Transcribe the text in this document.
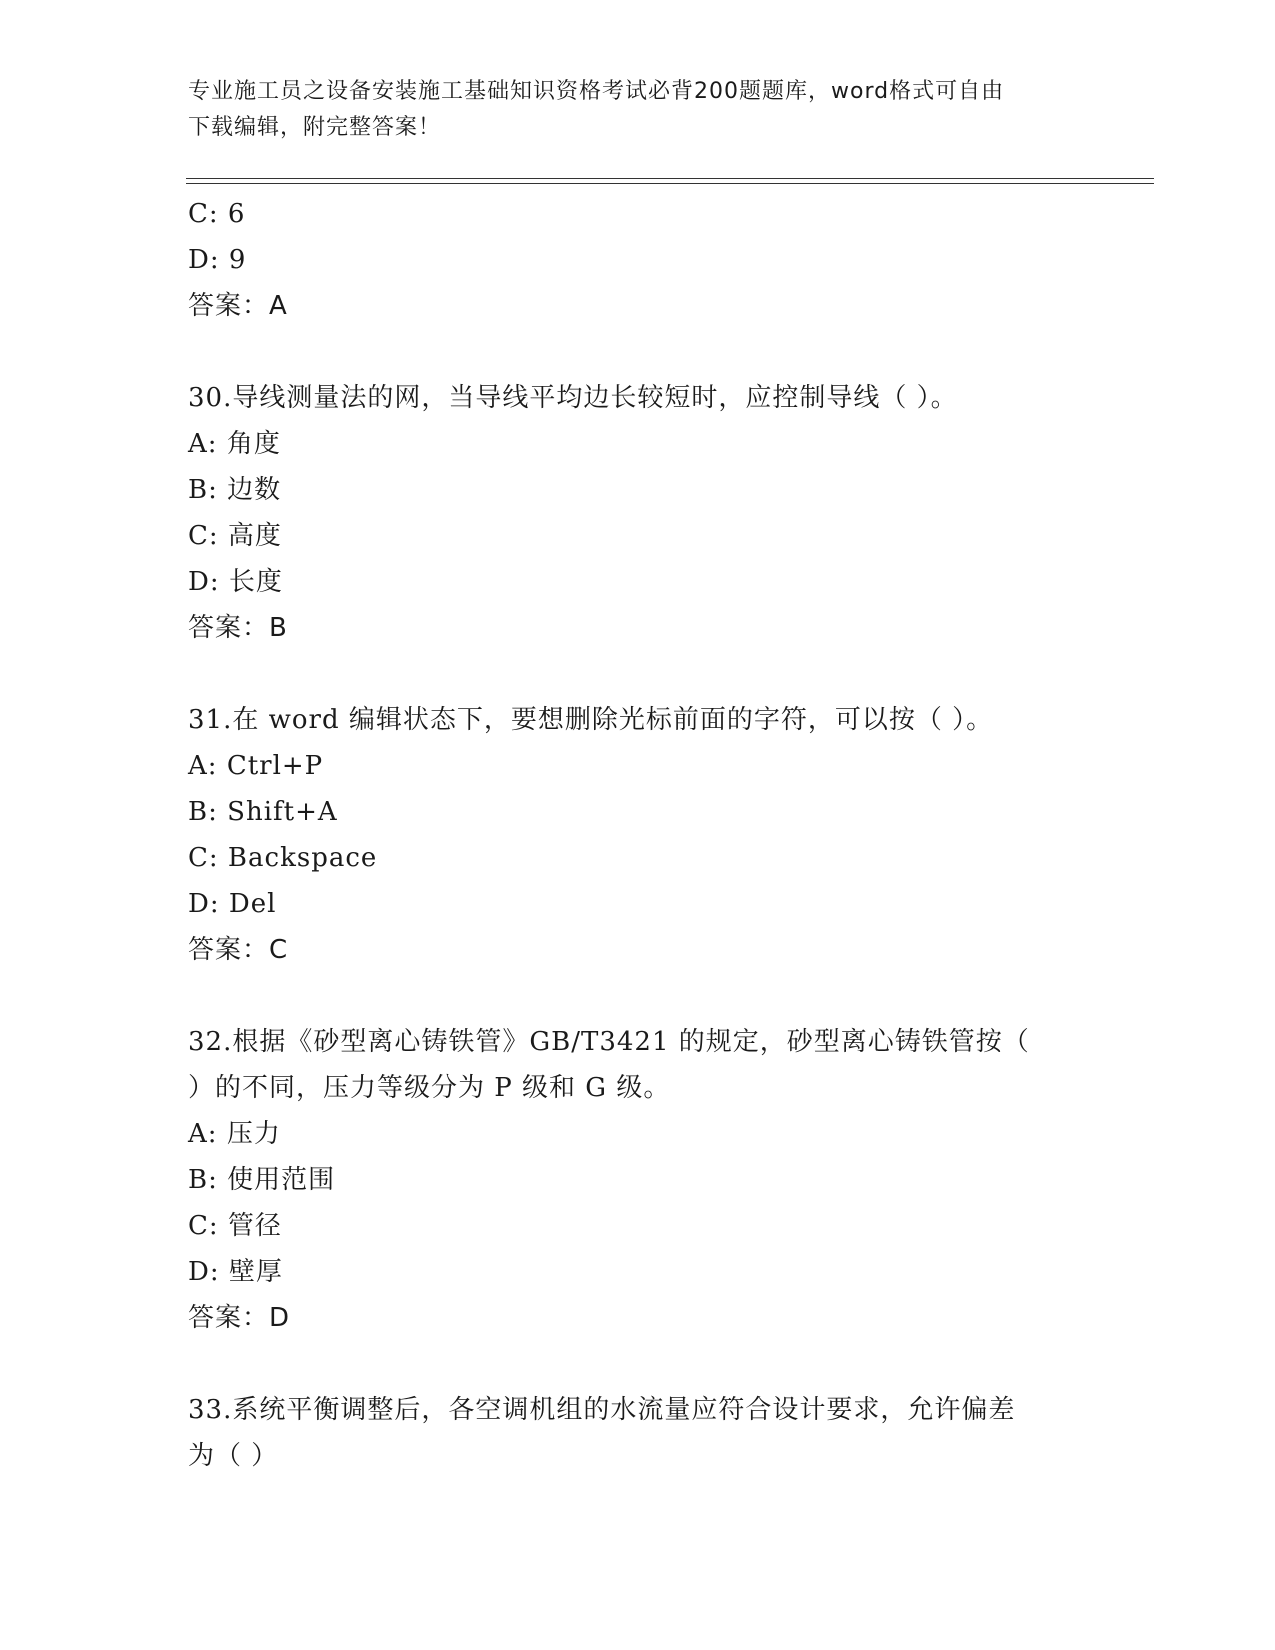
专业施工员之设备安装施工基础知识资格考试必背200题题库，word格式可自由
下载编辑，附完整答案！
C: 6
D: 9
答案：A
30.导线测量法的网，当导线平均边长较短时，应控制导线（ ）。
A: 角度
B: 边数
C: 高度
D: 长度
答案：B
31.在 word 编辑状态下，要想删除光标前面的字符，可以按（ ）。
A: Ctrl+P
B: Shift+A
C: Backspace
D: Del
答案：C
32.根据《砂型离心铸铁管》GB/T3421 的规定，砂型离心铸铁管按（
）的不同，压力等级分为 P 级和 G 级。
A: 压力
B: 使用范围
C: 管径
D: 壁厚
答案：D
33.系统平衡调整后，各空调机组的水流量应符合设计要求，允许偏差
为（ ）
